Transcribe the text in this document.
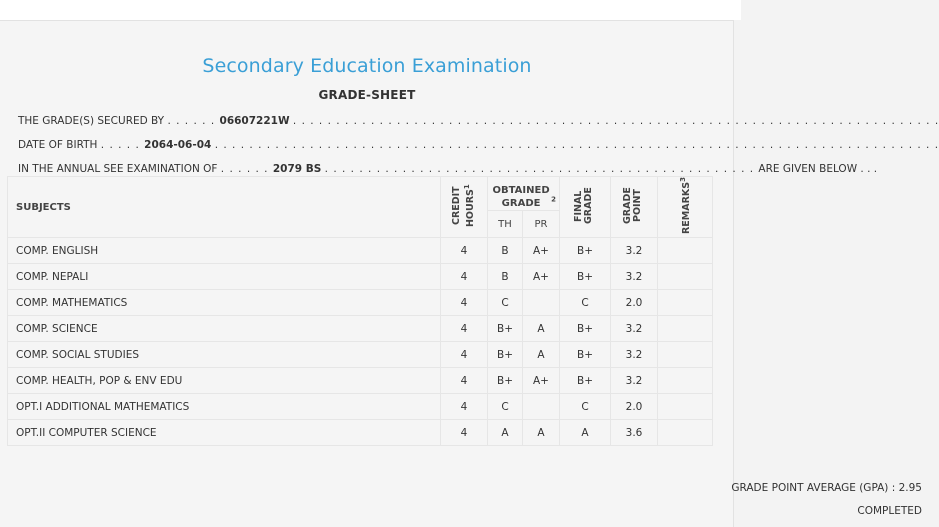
Secondary Education Examination
GRADE-SHEET
THE GRADE(S) SECURED BY . . . . . . 06607221W . . . . . . . . . . . . . . . . . . . . . . . . . . . . . . . . . . . . . . . . . . . . . . . . . . . . . . . . . . . . . . . . . . . . . . . . . . .
DATE OF BIRTH . . . . . 2064-06-04 . . . . . . . . . . . . . . . . . . . . . . . . . . . . . . . . . . . . . . . . . . . . . . . . . . . . . . . . . . . . . . . . . . . . . . . . . . . . . . . . . . . .
IN THE ANNUAL SEE EXAMINATION OF . . . . . . 2079 BS . . . . . . . . . . . . . . . . . . . . . . . . . . . . . . . . . . . . . . . . . . . . . . . . . . ARE GIVEN BELOW . . .
SUBJECTS	CREDIT HOURS$^1$	OBTAINED GRADE $^2$		FINAL GRADE	GRADE POINT	REMARKS$^3$
		TH	PR			
COMP. ENGLISH	4	B	A+	B+	3.2	
COMP. NEPALI	4	B	A+	B+	3.2	
COMP. MATHEMATICS	4	C		C	2.0	
COMP. SCIENCE	4	B+	A	B+	3.2	
COMP. SOCIAL STUDIES	4	B+	A	B+	3.2	
COMP. HEALTH, POP & ENV EDU	4	B+	A+	B+	3.2	
OPT.I ADDITIONAL MATHEMATICS	4	C		C	2.0	
OPT.II COMPUTER SCIENCE	4	A	A	A	3.6	
GRADE POINT AVERAGE (GPA) : 2.95
COMPLETED
